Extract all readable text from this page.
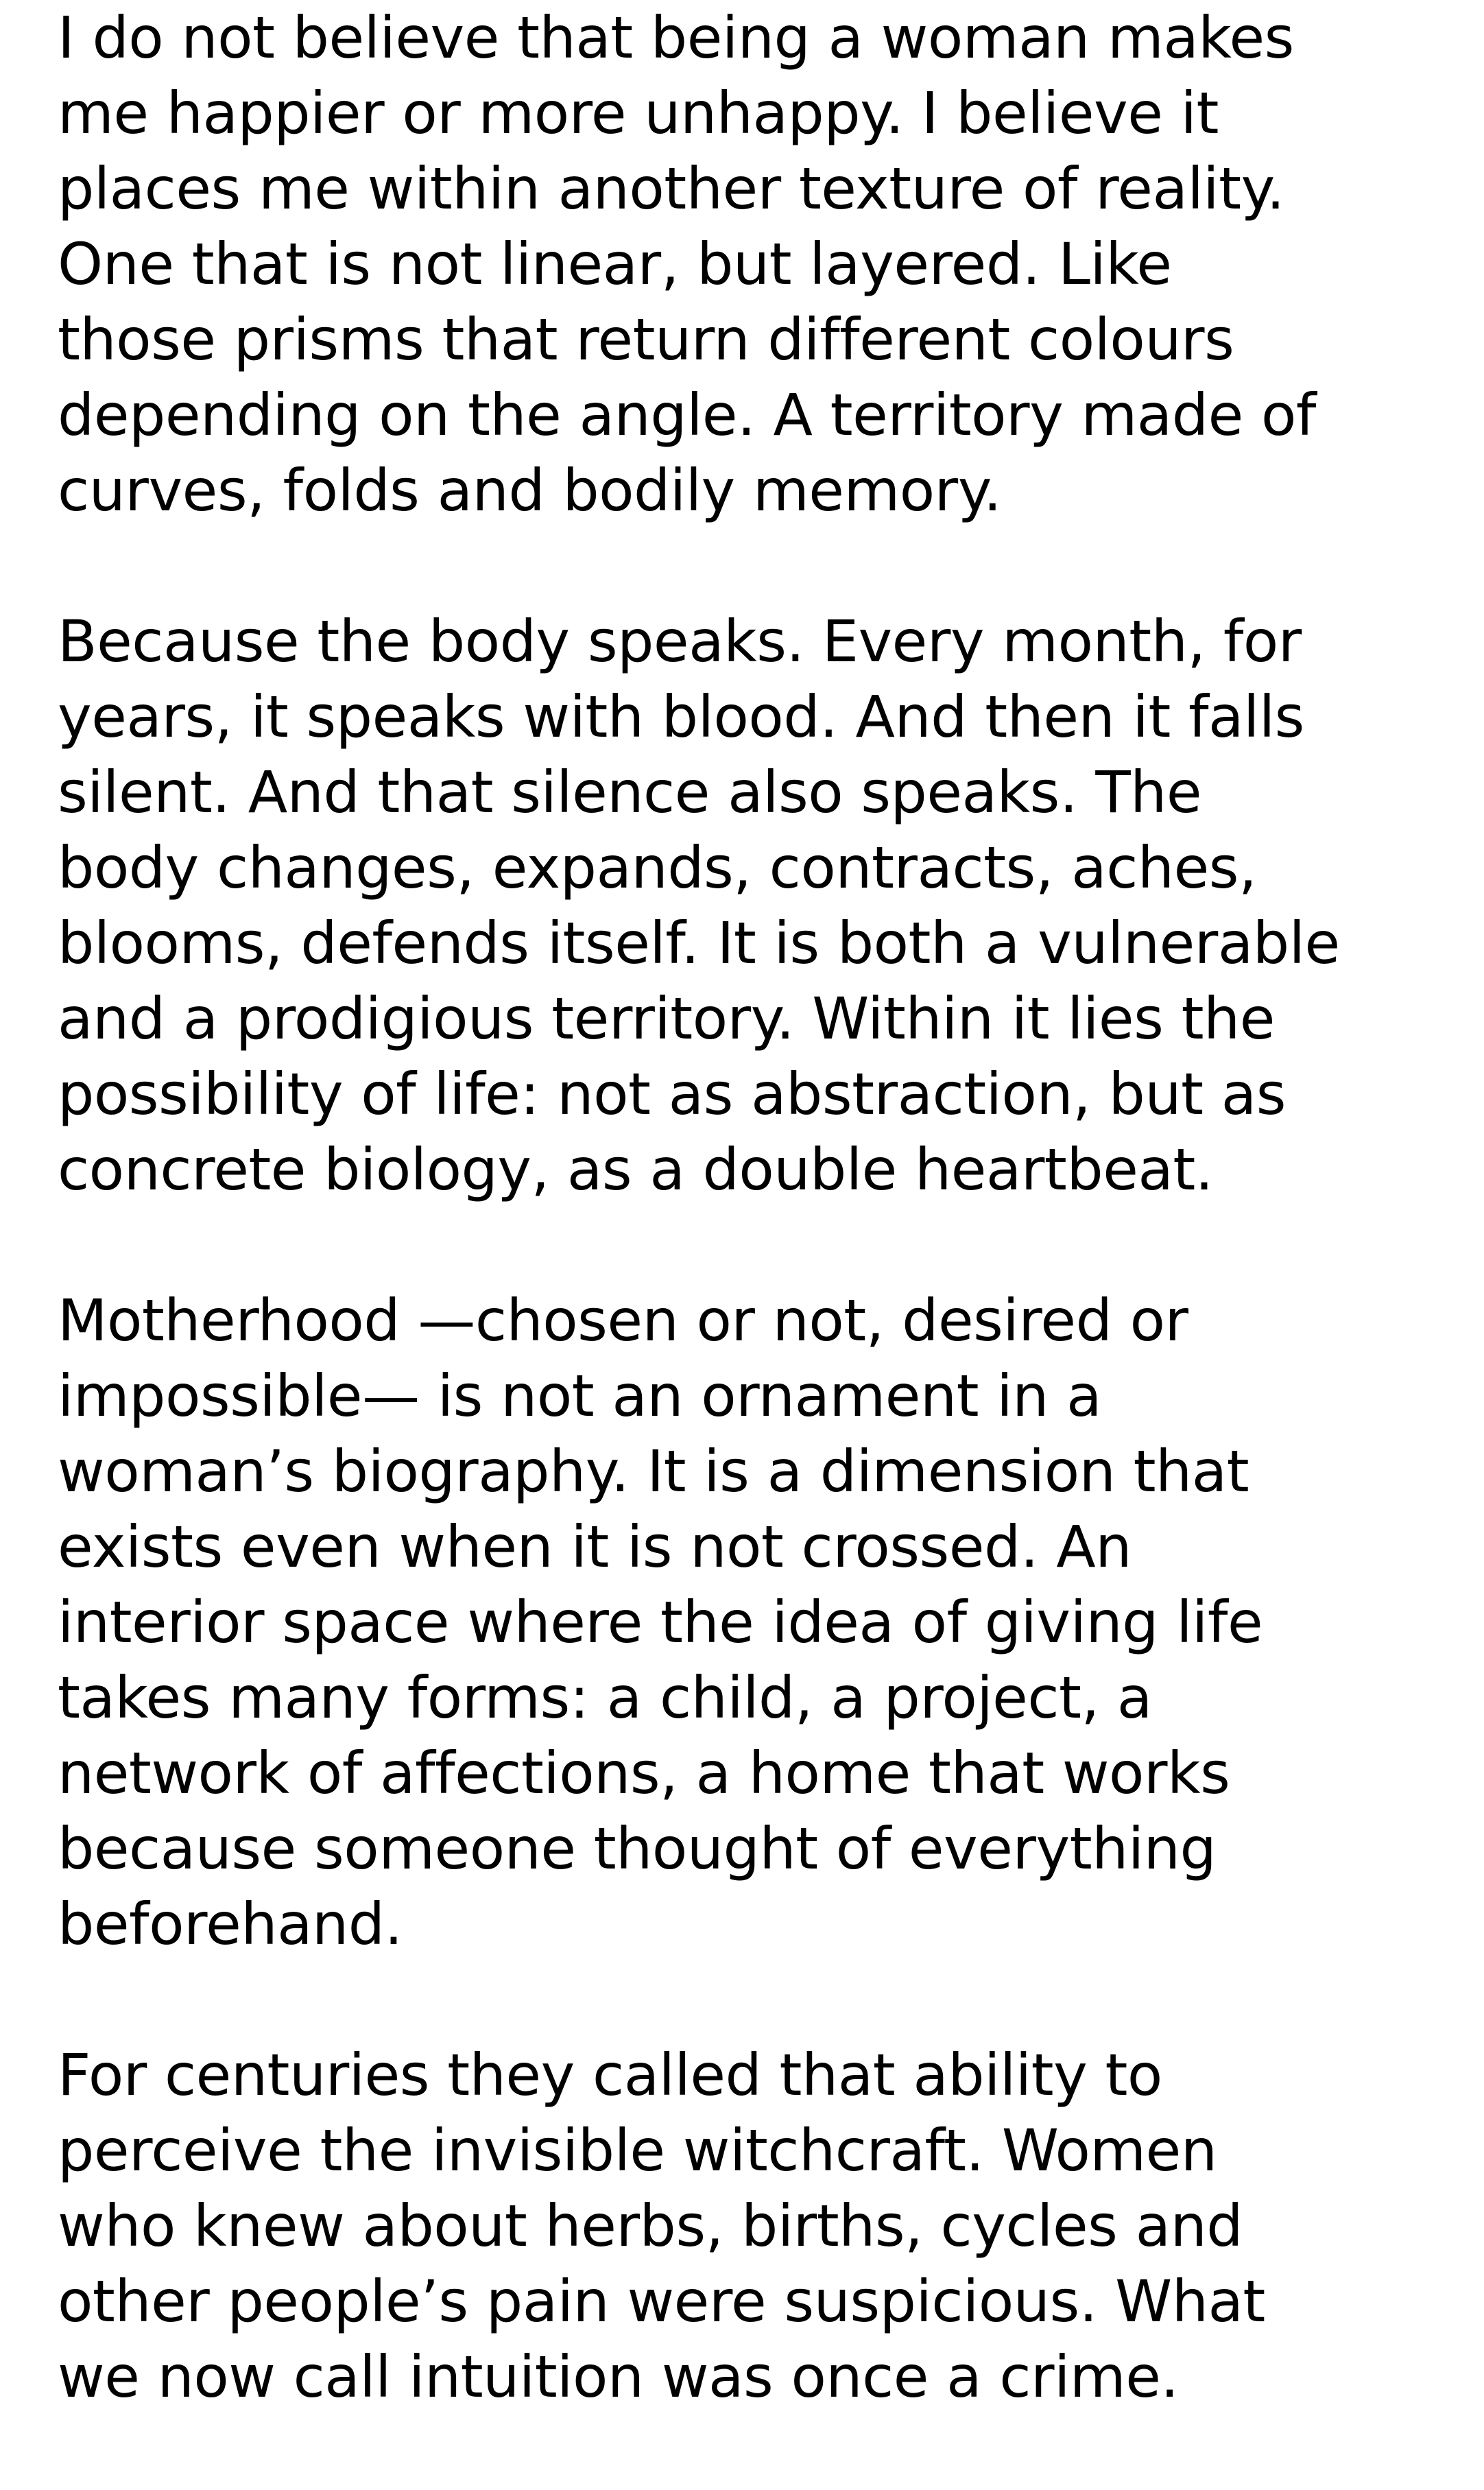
I do not believe that being a woman makes
me happier or more unhappy. I believe it
places me within another texture of reality.
One that is not linear, but layered. Like
those prisms that return different colours
depending on the angle. A territory made of
curves, folds and bodily memory.
Because the body speaks. Every month, for
years, it speaks with blood. And then it falls
silent. And that silence also speaks. The
body changes, expands, contracts, aches,
blooms, defends itself. It is both a vulnerable
and a prodigious territory. Within it lies the
possibility of life: not as abstraction, but as
concrete biology, as a double heartbeat.
Motherhood —chosen or not, desired or
impossible— is not an ornament in a
woman’s biography. It is a dimension that
exists even when it is not crossed. An
interior space where the idea of giving life
takes many forms: a child, a project, a
network of affections, a home that works
because someone thought of everything
beforehand.
For centuries they called that ability to
perceive the invisible witchcraft. Women
who knew about herbs, births, cycles and
other people’s pain were suspicious. What
we now call intuition was once a crime.
